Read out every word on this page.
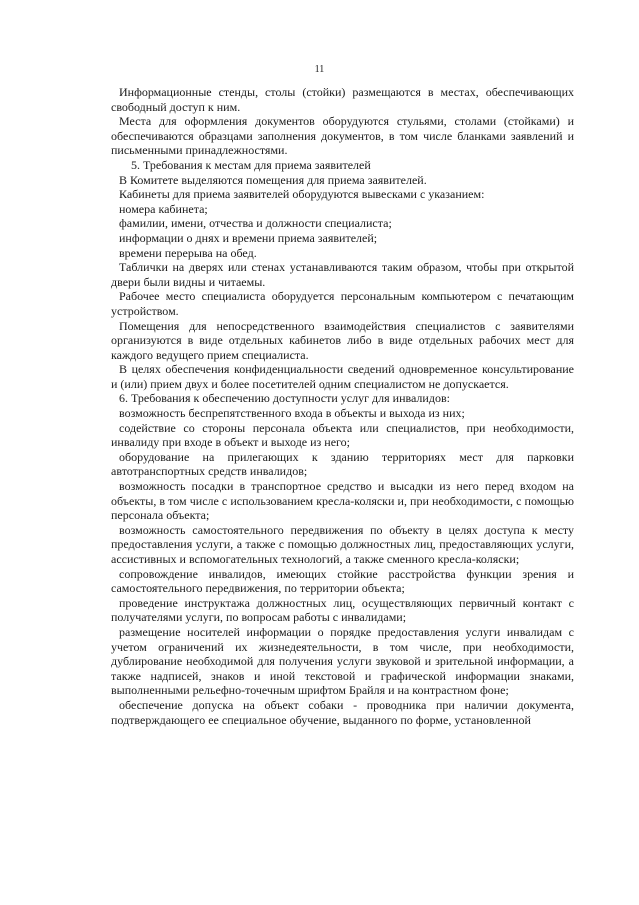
11

Информационные стенды, столы (стойки) размещаются в местах, обеспечивающих свободный доступ к ним.

Места для оформления документов оборудуются стульями, столами (стойками) и обеспечиваются образцами заполнения документов, в том числе бланками заявлений и письменными принадлежностями.

5. Требования к местам для приема заявителей

В Комитете выделяются помещения для приема заявителей.

Кабинеты для приема заявителей оборудуются вывесками с указанием:

номера кабинета;

фамилии, имени, отчества и должности специалиста;

информации о днях и времени приема заявителей;

времени перерыва на обед.

Таблички на дверях или стенах устанавливаются таким образом, чтобы при открытой двери были видны и читаемы.

Рабочее место специалиста оборудуется персональным компьютером с печатающим устройством.

Помещения для непосредственного взаимодействия специалистов с заявителями организуются в виде отдельных кабинетов либо в виде отдельных рабочих мест для каждого ведущего прием специалиста.

В целях обеспечения конфиденциальности сведений одновременное консультирование и (или) прием двух и более посетителей одним специалистом не допускается.

6. Требования к обеспечению доступности услуг для инвалидов:

возможность беспрепятственного входа в объекты и выхода из них;

содействие со стороны персонала объекта или специалистов, при необходимости, инвалиду при входе в объект и выходе из него;

оборудование на прилегающих к зданию территориях мест для парковки автотранспортных средств инвалидов;

возможность посадки в транспортное средство и высадки из него перед входом на объекты, в том числе с использованием кресла-коляски и, при необходимости, с помощью персонала объекта;

возможность самостоятельного передвижения по объекту в целях доступа к месту предоставления услуги, а также с помощью должностных лиц, предоставляющих услуги, ассистивных и вспомогательных технологий, а также сменного кресла-коляски;

сопровождение инвалидов, имеющих стойкие расстройства функции зрения и самостоятельного передвижения, по территории объекта;

проведение инструктажа должностных лиц, осуществляющих первичный контакт с получателями услуги, по вопросам работы с инвалидами;

размещение носителей информации о порядке предоставления услуги инвалидам с учетом ограничений их жизнедеятельности, в том числе, при необходимости, дублирование необходимой для получения услуги звуковой и зрительной информации, а также надписей, знаков и иной текстовой и графической информации знаками, выполненными рельефно-точечным шрифтом Брайля и на контрастном фоне;

обеспечение допуска на объект собаки - проводника при наличии документа, подтверждающего ее специальное обучение, выданного по форме, установленной
